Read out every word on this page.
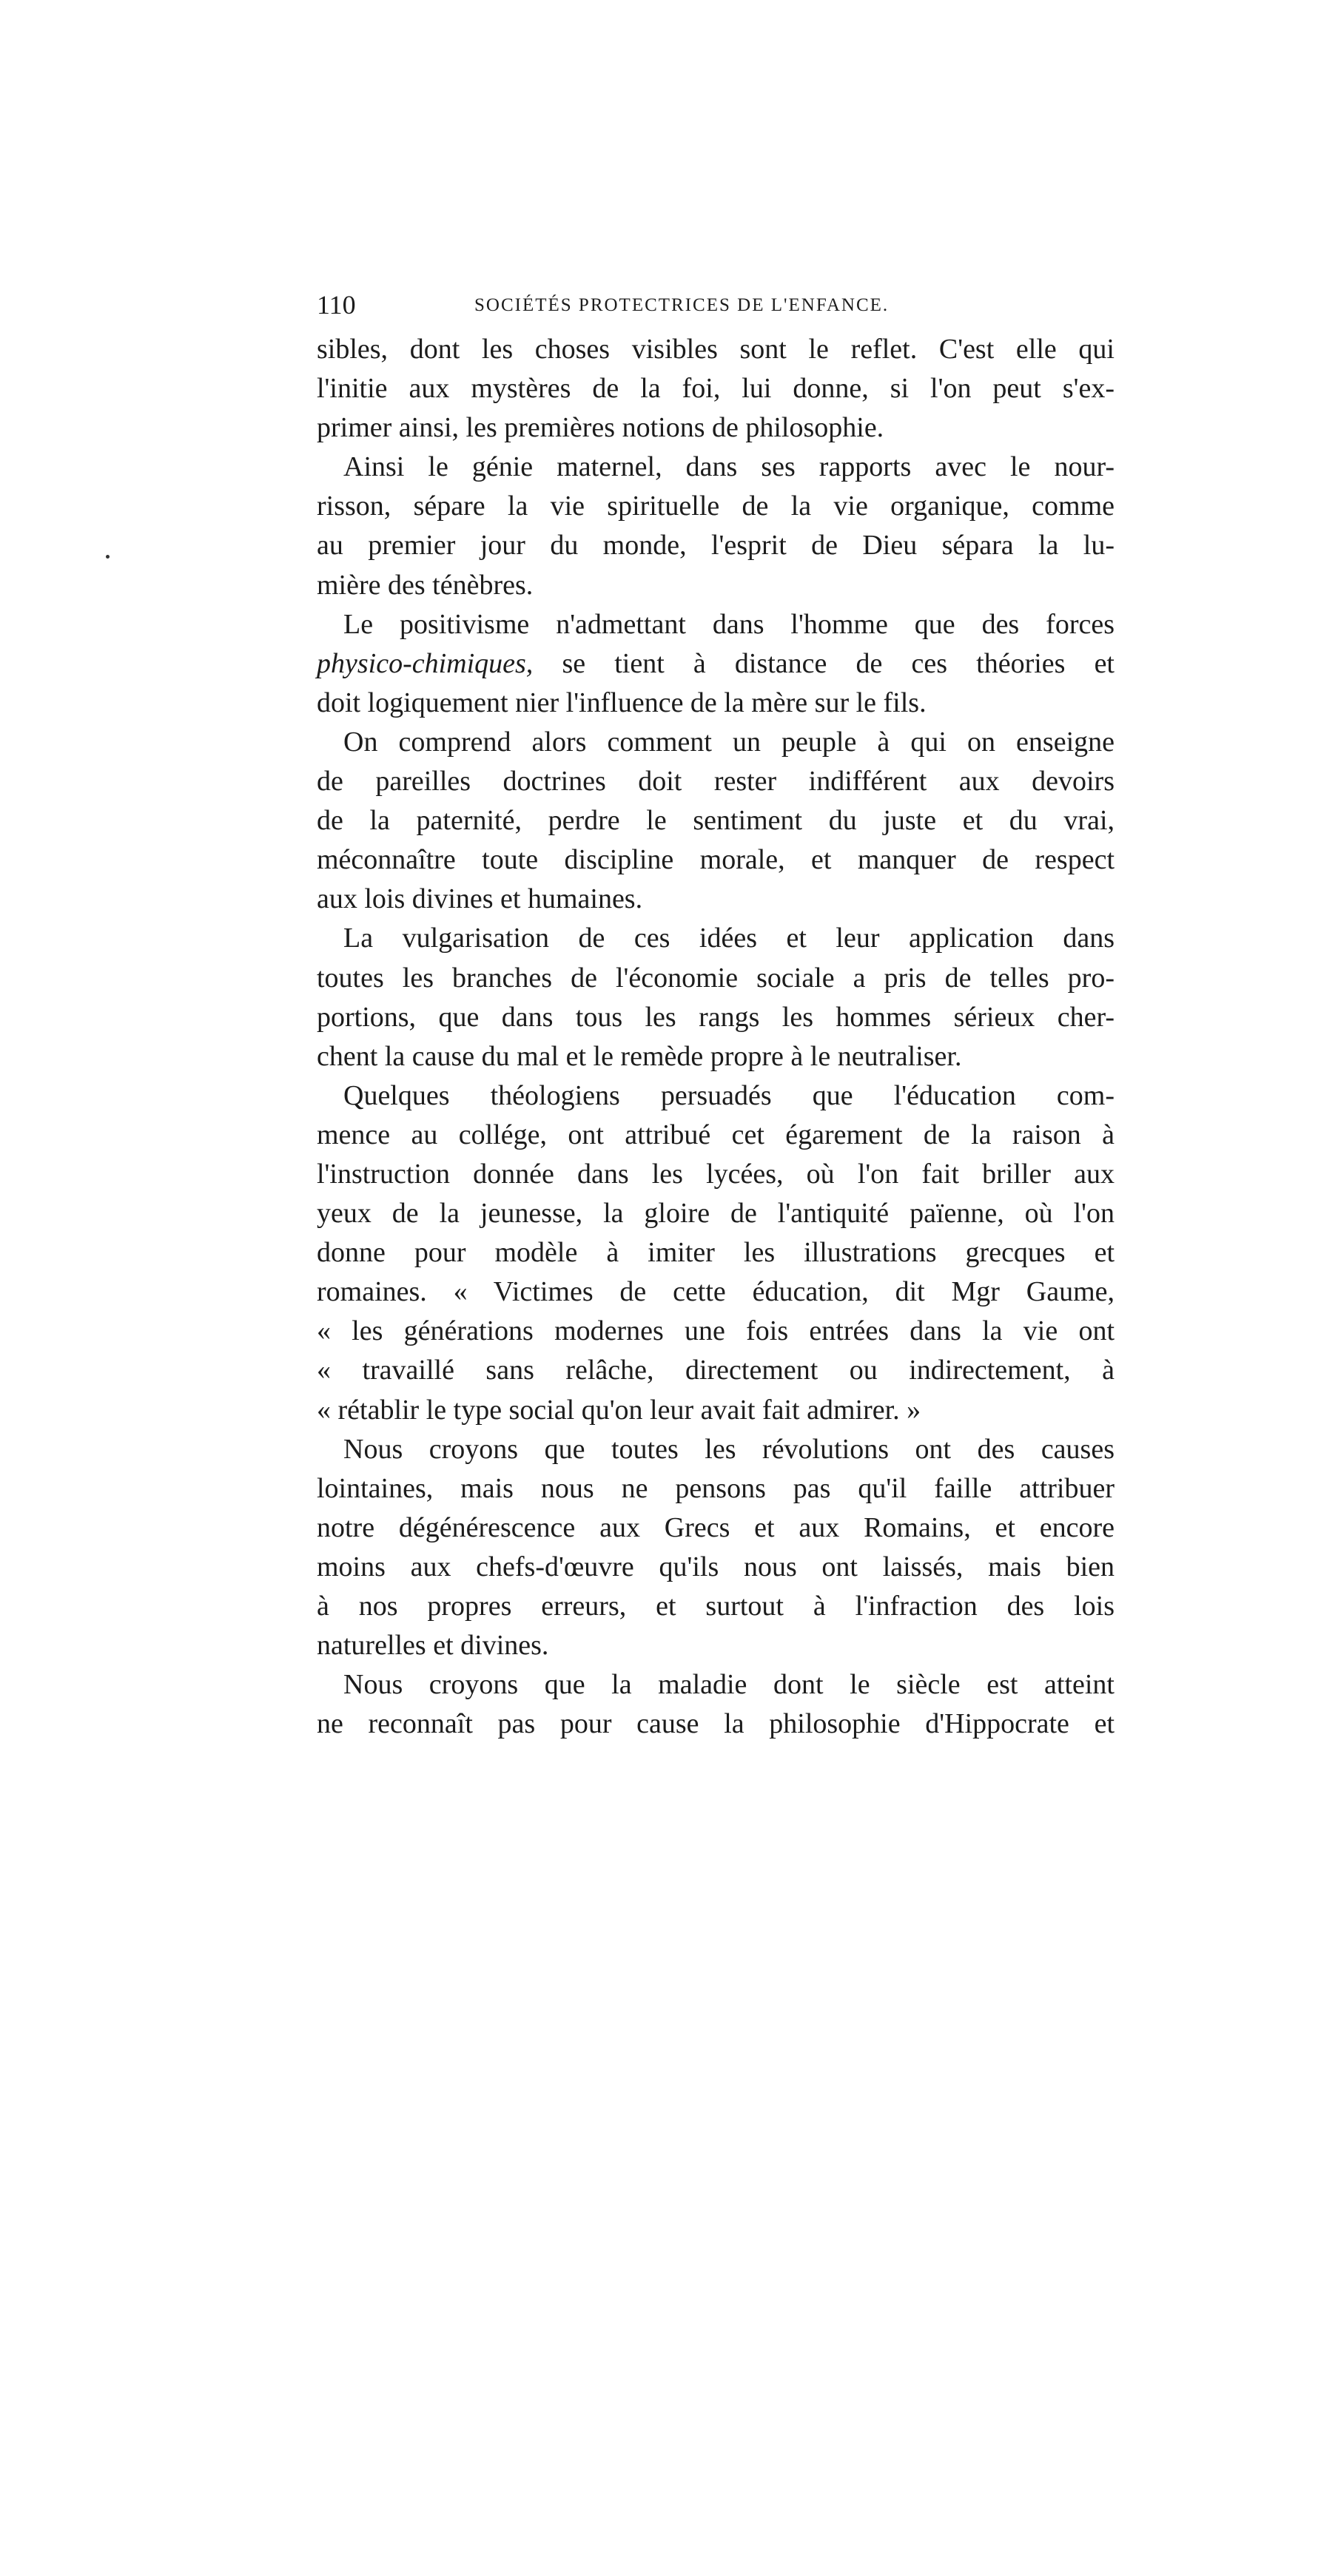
110	SOCIÉTÉS PROTECTRICES DE L'ENFANCE.
sibles, dont les choses visibles sont le reflet. C'est elle qui
l'initie aux mystères de la foi, lui donne, si l'on peut s'ex-
primer ainsi, les premières notions de philosophie.
Ainsi le génie maternel, dans ses rapports avec le nour-
risson, sépare la vie spirituelle de la vie organique, comme
au premier jour du monde, l'esprit de Dieu sépara la lu-
mière des ténèbres.
Le positivisme n'admettant dans l'homme que des forces
physico-chimiques, se tient à distance de ces théories et
doit logiquement nier l'influence de la mère sur le fils.
On comprend alors comment un peuple à qui on enseigne
de pareilles doctrines doit rester indifférent aux devoirs
de la paternité, perdre le sentiment du juste et du vrai,
méconnaître toute discipline morale, et manquer de respect
aux lois divines et humaines.
La vulgarisation de ces idées et leur application dans
toutes les branches de l'économie sociale a pris de telles pro-
portions, que dans tous les rangs les hommes sérieux cher-
chent la cause du mal et le remède propre à le neutraliser.
Quelques théologiens persuadés que l'éducation com-
mence au collége, ont attribué cet égarement de la raison à
l'instruction donnée dans les lycées, où l'on fait briller aux
yeux de la jeunesse, la gloire de l'antiquité païenne, où l'on
donne pour modèle à imiter les illustrations grecques et
romaines. « Victimes de cette éducation, dit Mgr Gaume,
« les générations modernes une fois entrées dans la vie ont
« travaillé sans relâche, directement ou indirectement, à
« rétablir le type social qu'on leur avait fait admirer. »
Nous croyons que toutes les révolutions ont des causes
lointaines, mais nous ne pensons pas qu'il faille attribuer
notre dégénérescence aux Grecs et aux Romains, et encore
moins aux chefs-d'œuvre qu'ils nous ont laissés, mais bien
à nos propres erreurs, et surtout à l'infraction des lois
naturelles et divines.
Nous croyons que la maladie dont le siècle est atteint
ne reconnaît pas pour cause la philosophie d'Hippocrate et
